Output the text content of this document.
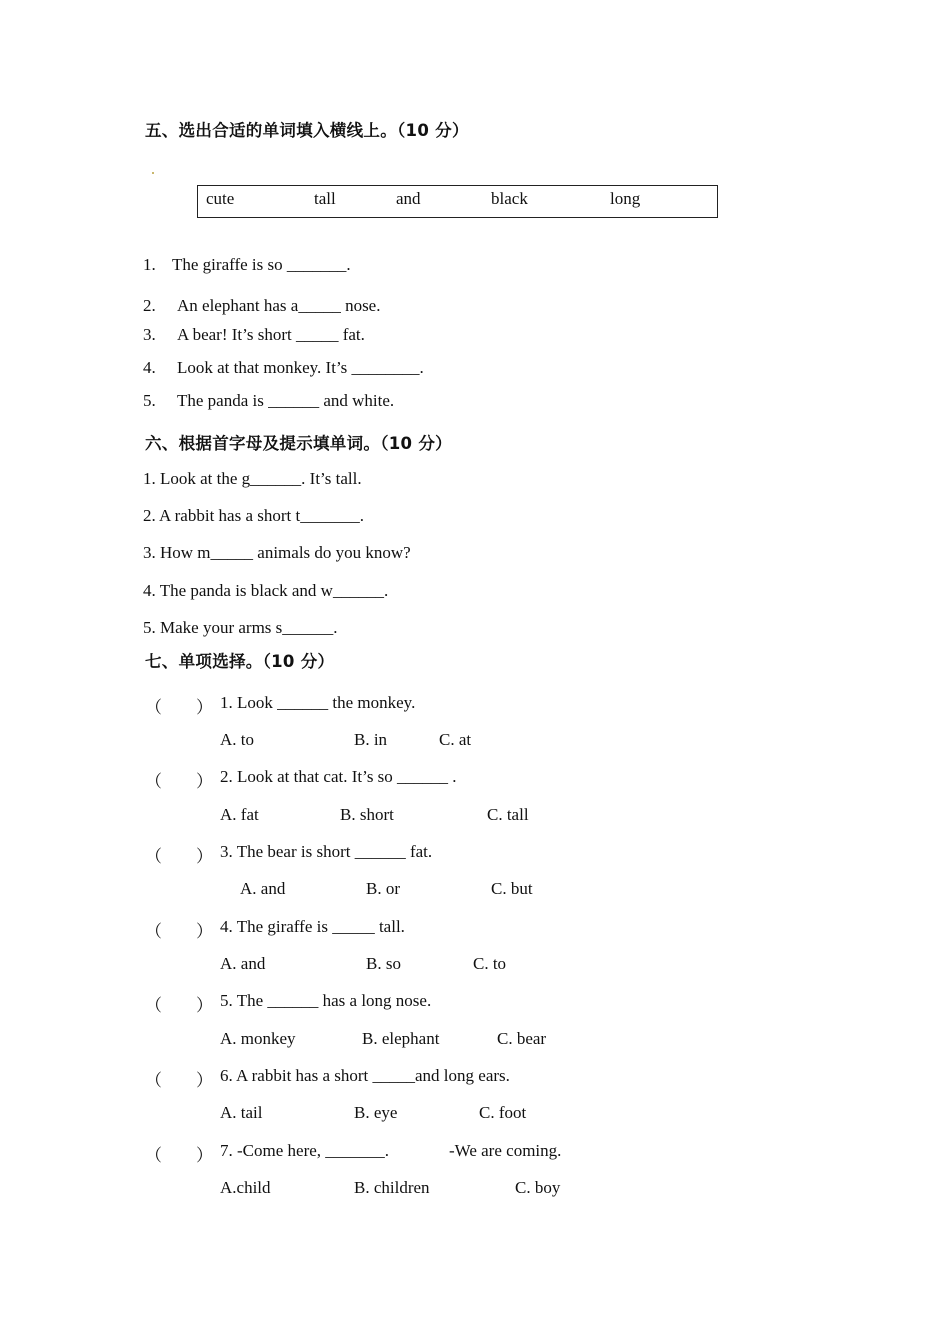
五、选出合适的单词填入横线上。（10 分）
cute	tall	and	black	long
1. The giraffe is so _______.
2. An elephant has a_____ nose.
3. A bear! It’s short _____ fat.
4. Look at that monkey. It’s ________.
5. The panda is ______ and white.
六、根据首字母及提示填单词。（10 分）
1. Look at the g______. It’s tall.
2. A rabbit has a short t_______.
3. How m_____ animals do you know?
4. The panda is black and w______.
5. Make your arms s______.
七、单项选择。（10 分）
（ ） 1. Look ______ the monkey.
A. to	B. in	C. at
（ ） 2. Look at that cat. It’s so ______ .
A. fat	B. short	C. tall
（ ） 3. The bear is short ______ fat.
A. and	B. or	C. but
（ ） 4. The giraffe is _____ tall.
A. and	B. so	C. to
（ ） 5. The ______ has a long nose.
A. monkey	B. elephant	C. bear
（ ） 6. A rabbit has a short _____and long ears.
A. tail	B. eye	C. foot
（ ） 7. -Come here, _______.	-We are coming.
A.child	B. children	C. boy
